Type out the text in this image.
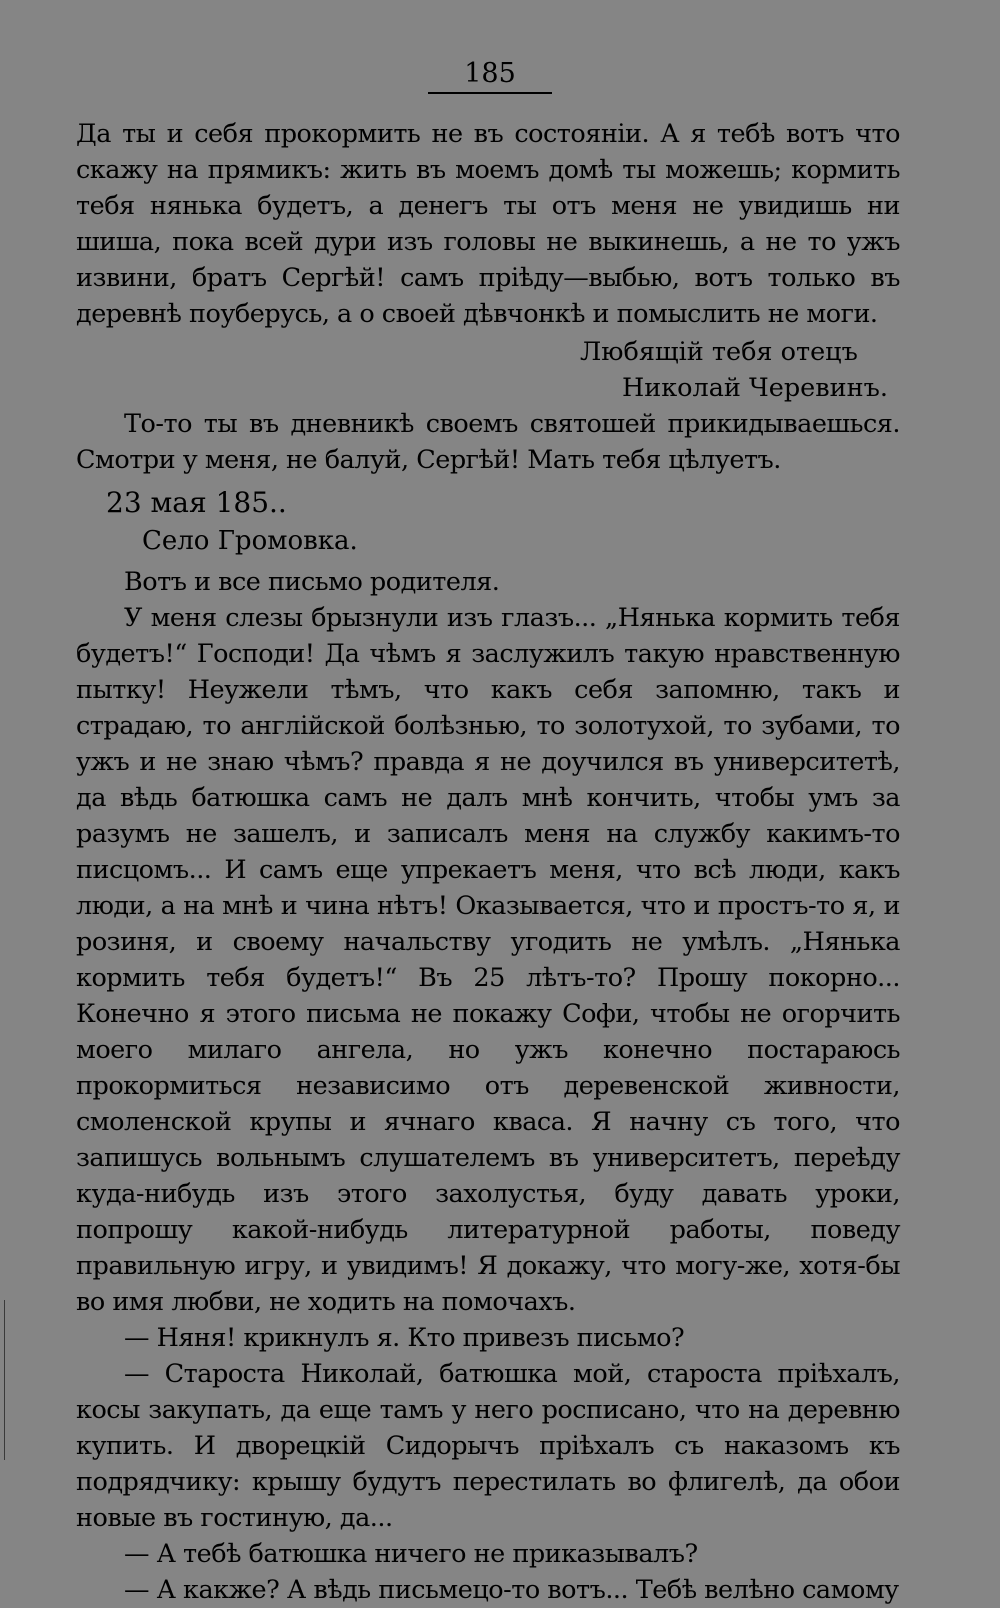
185

Да ты и себя прокормить не въ состоянiи. А я тебѣ вотъ что скажу на прямикъ: жить въ моемъ домѣ ты можешь; кормить тебя нянька будетъ, а денегъ ты отъ меня не увидишь ни шиша, пока всей дури изъ головы не выкинешь, а не то ужъ извини, братъ Сергѣй! самъ прiѣду—выбью, вотъ только въ деревнѣ поуберусь, а о своей дѣвчонкѣ и помыслить не моги.

Любящiй тебя отецъ

Николай Черевинъ.

То-то ты въ дневникѣ своемъ святошей прикидываешься. Смотри у меня, не балуй, Сергѣй! Мать тебя цѣлуетъ.

23 мая 185..

Село Громовка.

Вотъ и все письмо родителя.

У меня слезы брызнули изъ глазъ... „Нянька кормить тебя будетъ!“ Господи! Да чѣмъ я заслужилъ такую нравственную пытку! Неужели тѣмъ, что какъ себя запомню, такъ и страдаю, то англiйской болѣзнью, то золотухой, то зубами, то ужъ и не знаю чѣмъ? правда я не доучился въ университетѣ, да вѣдь батюшка самъ не далъ мнѣ кончить, чтобы умъ за разумъ не зашелъ, и записалъ меня на службу какимъ-то писцомъ... И самъ еще упрекаетъ меня, что всѣ люди, какъ люди, а на мнѣ и чина нѣтъ! Оказывается, что и простъ-то я, и розиня, и своему начальству угодить не умѣлъ. „Нянька кормить тебя будетъ!“ Въ 25 лѣтъ-то? Прошу покорно... Конечно я этого письма не покажу Софи, чтобы не огорчить моего милаго ангела, но ужъ конечно постараюсь прокормиться независимо отъ деревенской живности, смоленской крупы и ячнаго кваса. Я начну съ того, что запишусь вольнымъ слушателемъ въ университетъ, переѣду куда-нибудь изъ этого захолустья, буду давать уроки, попрошу какой-нибудь литературной работы, поведу правильную игру, и увидимъ! Я докажу, что могу-же, хотя-бы во имя любви, не ходить на помочахъ.

— Няня! крикнулъ я. Кто привезъ письмо?

— Староста Николай, батюшка мой, староста прiѣхалъ, косы закупать, да еще тамъ у него росписано, что на деревню купить. И дворецкiй Сидорычъ прiѣхалъ съ наказомъ къ подрядчику: крышу будутъ перестилать во флигелѣ, да обои новые въ гостиную, да...

— А тебѣ батюшка ничего не приказывалъ?

— А какже? А вѣдь письмецо-то вотъ... Тебѣ велѣно самому
